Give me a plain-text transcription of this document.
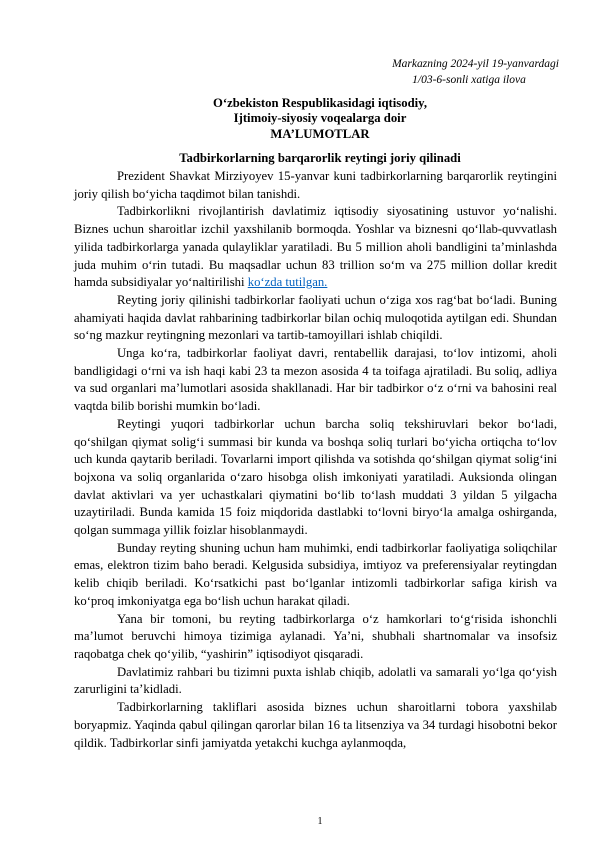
Markazning 2024-yil 19-yanvardagi
1/03-6-sonli xatiga ilova
O‘zbekiston Respublikasidagi iqtisodiy,
Ijtimoiy-siyosiy voqealarga doir
MA’LUMOTLAR
Tadbirkorlarning barqarorlik reytingi joriy qilinadi

Prezident Shavkat Mirziyoyev 15-yanvar kuni tadbirkorlarning barqarorlik reytingini joriy qilish bo‘yicha taqdimot bilan tanishdi.

Tadbirkorlikni rivojlantirish davlatimiz iqtisodiy siyosatining ustuvor yo‘nalishi. Biznes uchun sharoitlar izchil yaxshilanib bormoqda. Yoshlar va biznesni qo‘llab-quvvatlash yilida tadbirkorlarga yanada qulayliklar yaratiladi. Bu 5 million aholi bandligini ta’minlashda juda muhim o‘rin tutadi. Bu maqsadlar uchun 83 trillion so‘m va 275 million dollar kredit hamda subsidiyalar yo‘naltirilishi ko‘zda tutilgan.

Reyting joriy qilinishi tadbirkorlar faoliyati uchun o‘ziga xos rag‘bat bo‘ladi. Buning ahamiyati haqida davlat rahbarining tadbirkorlar bilan ochiq muloqotida aytilgan edi. Shundan so‘ng mazkur reytingning mezonlari va tartib-tamoyillari ishlab chiqildi.

Unga ko‘ra, tadbirkorlar faoliyat davri, rentabellik darajasi, to‘lov intizomi, aholi bandligidagi o‘rni va ish haqi kabi 23 ta mezon asosida 4 ta toifaga ajratiladi. Bu soliq, adliya va sud organlari ma’lumotlari asosida shakllanadi. Har bir tadbirkor o‘z o‘rni va bahosini real vaqtda bilib borishi mumkin bo‘ladi.

Reytingi yuqori tadbirkorlar uchun barcha soliq tekshiruvlari bekor bo‘ladi, qo‘shilgan qiymat solig‘i summasi bir kunda va boshqa soliq turlari bo‘yicha ortiqcha to‘lov uch kunda qaytarib beriladi. Tovarlarni import qilishda va sotishda qo‘shilgan qiymat solig‘ini bojxona va soliq organlarida o‘zaro hisobga olish imkoniyati yaratiladi. Auksionda olingan davlat aktivlari va yer uchastkalari qiymatini bo‘lib to‘lash muddati 3 yildan 5 yilgacha uzaytiriladi. Bunda kamida 15 foiz miqdorida dastlabki to‘lovni biryo‘la amalga oshirganda, qolgan summaga yillik foizlar hisoblanmaydi.

Bunday reyting shuning uchun ham muhimki, endi tadbirkorlar faoliyatiga soliqchilar emas, elektron tizim baho beradi. Kelgusida subsidiya, imtiyoz va preferensiyalar reytingdan kelib chiqib beriladi. Ko‘rsatkichi past bo‘lganlar intizomli tadbirkorlar safiga kirish va ko‘proq imkoniyatga ega bo‘lish uchun harakat qiladi.

Yana bir tomoni, bu reyting tadbirkorlarga o‘z hamkorlari to‘g‘risida ishonchli ma’lumot beruvchi himoya tizimiga aylanadi. Ya’ni, shubhali shartnomalar va insofsiz raqobatga chek qo‘yilib, “yashirin” iqtisodiyot qisqaradi.

Davlatimiz rahbari bu tizimni puxta ishlab chiqib, adolatli va samarali yo‘lga qo‘yish zarurligini ta’kidladi.

Tadbirkorlarning takliflari asosida biznes uchun sharoitlarni tobora yaxshilab boryapmiz. Yaqinda qabul qilingan qarorlar bilan 16 ta litsenziya va 34 turdagi hisobotni bekor qildik. Tadbirkorlar sinfi jamiyatda yetakchi kuchga aylanmoqda,

1
